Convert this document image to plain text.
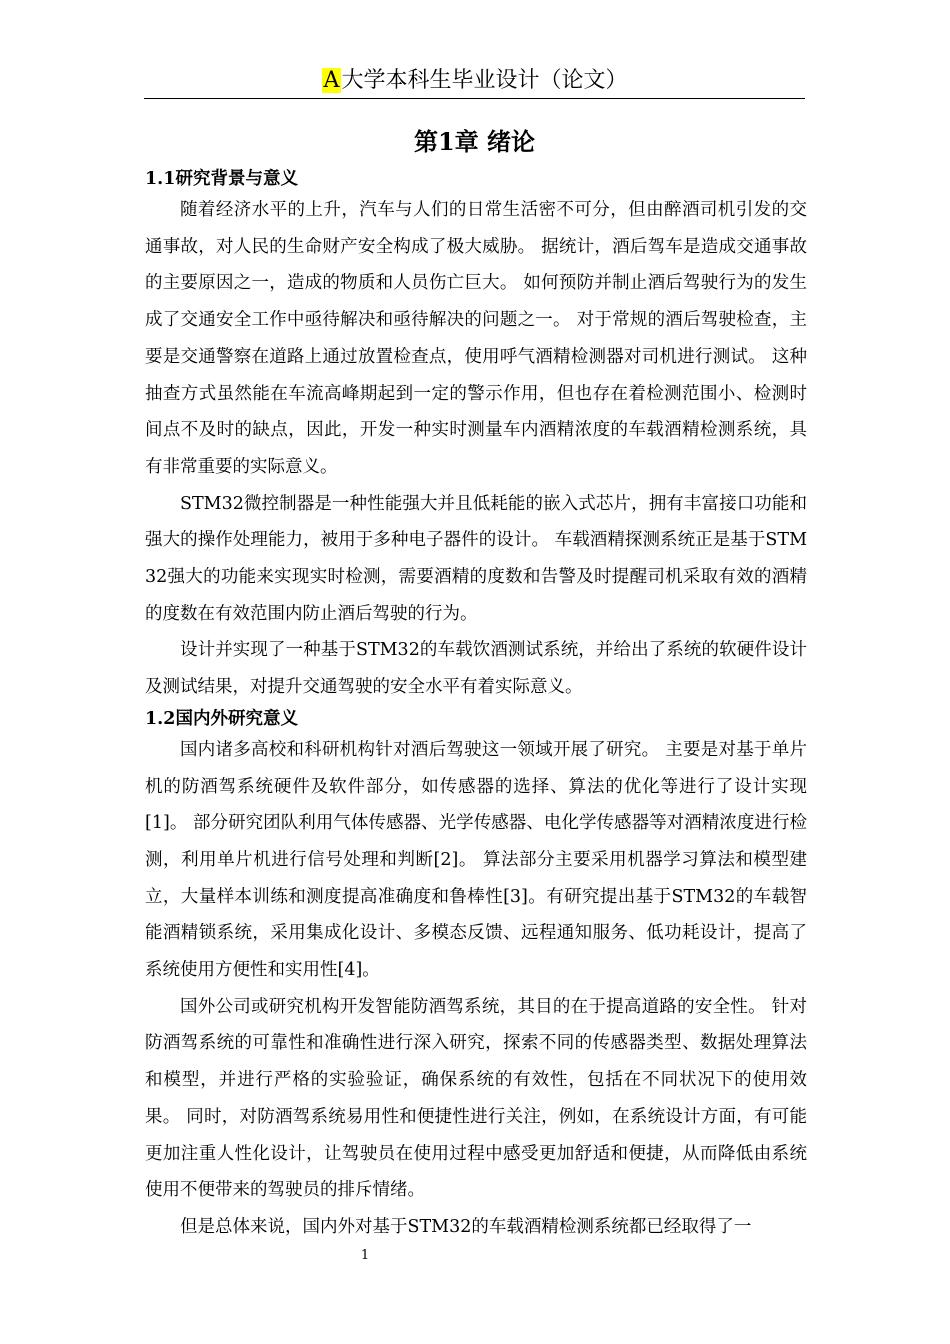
A大学本科生毕业设计（论文）
第1章 绪论

1.1研究背景与意义

随着经济水平的上升，汽车与人们的日常生活密不可分，但由醉酒司机引发的交通事故，对人民的生命财产安全构成了极大威胁。 据统计，酒后驾车是造成交通事故的主要原因之一，造成的物质和人员伤亡巨大。 如何预防并制止酒后驾驶行为的发生成了交通安全工作中亟待解决和亟待解决的问题之一。 对于常规的酒后驾驶检查，主要是交通警察在道路上通过放置检查点，使用呼气酒精检测器对司机进行测试。 这种抽查方式虽然能在车流高峰期起到一定的警示作用，但也存在着检测范围小、检测时间点不及时的缺点，因此，开发一种实时测量车内酒精浓度的车载酒精检测系统，具有非常重要的实际意义。

STM32微控制器是一种性能强大并且低耗能的嵌入式芯片，拥有丰富接口功能和强大的操作处理能力，被用于多种电子器件的设计。 车载酒精探测系统正是基于STM32强大的功能来实现实时检测，需要酒精的度数和告警及时提醒司机采取有效的酒精的度数在有效范围内防止酒后驾驶的行为。

设计并实现了一种基于STM32的车载饮酒测试系统，并给出了系统的软硬件设计及测试结果，对提升交通驾驶的安全水平有着实际意义。

1.2国内外研究意义

国内诸多高校和科研机构针对酒后驾驶这一领域开展了研究。 主要是对基于单片机的防酒驾系统硬件及软件部分，如传感器的选择、算法的优化等进行了设计实现[1]。 部分研究团队利用气体传感器、光学传感器、电化学传感器等对酒精浓度进行检测，利用单片机进行信号处理和判断[2]。 算法部分主要采用机器学习算法和模型建立，大量样本训练和测度提高准确度和鲁棒性[3]。有研究提出基于STM32的车载智能酒精锁系统，采用集成化设计、多模态反馈、远程通知服务、低功耗设计，提高了系统使用方便性和实用性[4]。

国外公司或研究机构开发智能防酒驾系统，其目的在于提高道路的安全性。 针对防酒驾系统的可靠性和准确性进行深入研究，探索不同的传感器类型、数据处理算法和模型，并进行严格的实验验证，确保系统的有效性，包括在不同状况下的使用效果。 同时，对防酒驾系统易用性和便捷性进行关注，例如，在系统设计方面，有可能更加注重人性化设计，让驾驶员在使用过程中感受更加舒适和便捷，从而降低由系统使用不便带来的驾驶员的排斥情绪。

但是总体来说，国内外对基于STM32的车载酒精检测系统都已经取得了一

1
